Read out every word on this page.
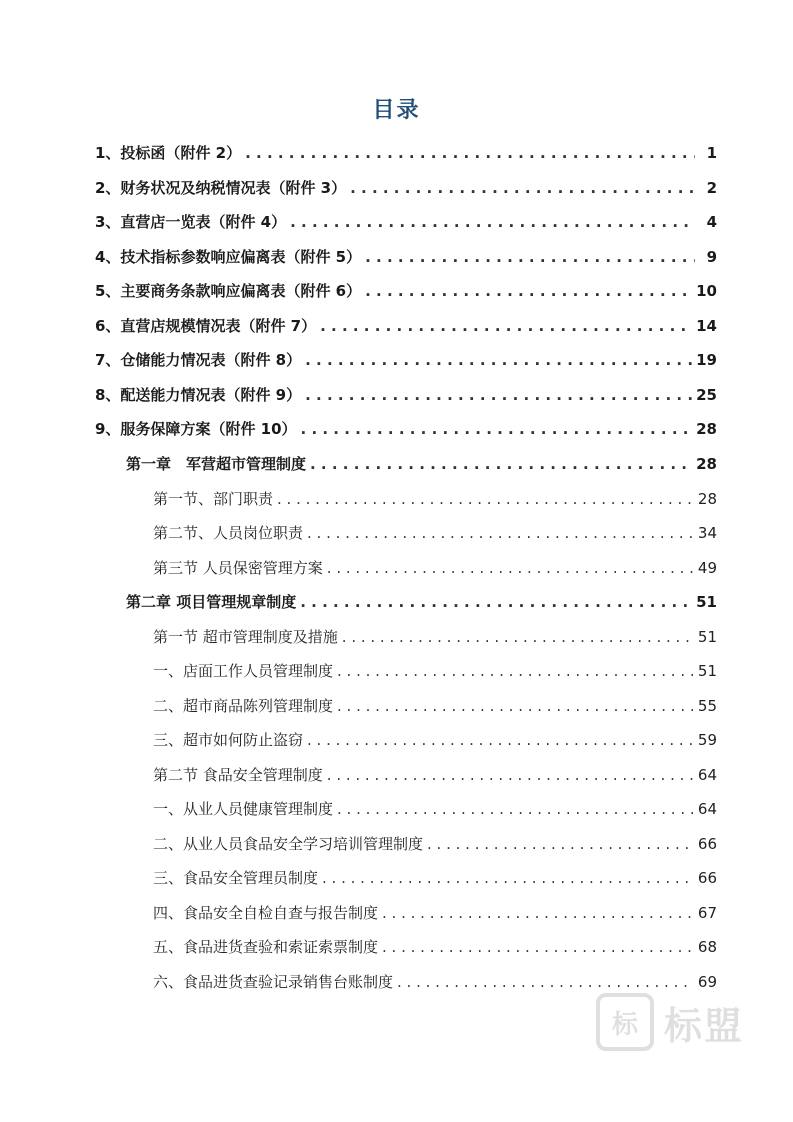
目录
1、投标函（附件 2） . . .	1
2、财务状况及纳税情况表（附件 3） . . .	2
3、直营店一览表（附件 4） . . .	4
4、技术指标参数响应偏离表（附件 5） . . .	9
5、主要商务条款响应偏离表（附件 6） . . .	10
6、直营店规模情况表（附件 7） . . .	14
7、仓储能力情况表（附件 8） . . .	19
8、配送能力情况表（附件 9） . . .	25
9、服务保障方案（附件 10） . . .	28
第一章　军营超市管理制度 . . .	28
第一节、部门职责 . . .	28
第二节、人员岗位职责 . . .	34
第三节 人员保密管理方案 . . .	49
第二章 项目管理规章制度 . . .	51
第一节 超市管理制度及措施 . . .	51
一、店面工作人员管理制度 . . .	51
二、超市商品陈列管理制度 . . .	55
三、超市如何防止盗窃 . . .	59
第二节 食品安全管理制度 . . .	64
一、从业人员健康管理制度 . . .	64
二、从业人员食品安全学习培训管理制度 . . .	66
三、食品安全管理员制度 . . .	66
四、食品安全自检自查与报告制度 . . .	67
五、食品进货查验和索证索票制度 . . .	68
六、食品进货查验记录销售台账制度 . . .	69
标 标盟
